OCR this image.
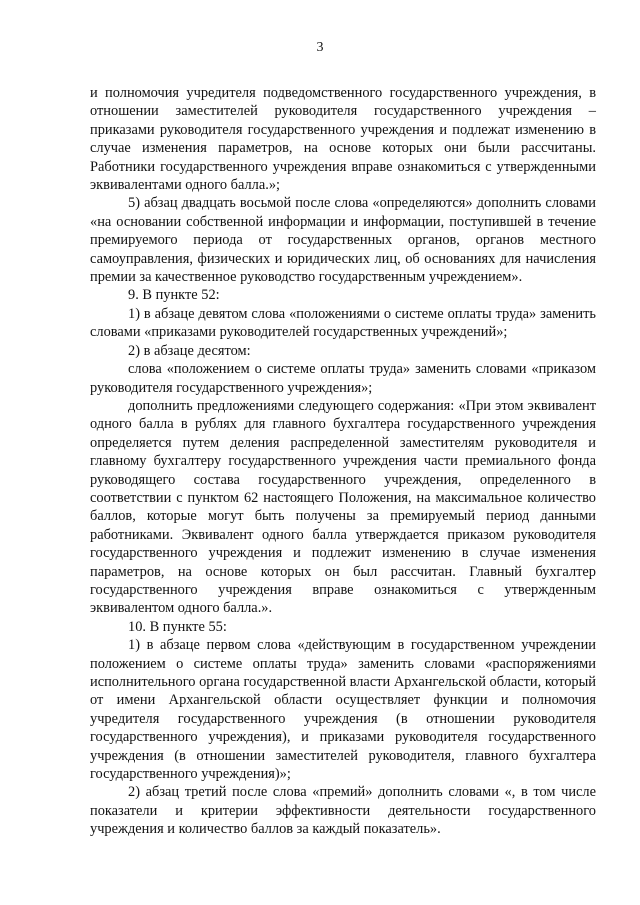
3

и полномочия учредителя подведомственного государственного учреждения, в отношении заместителей руководителя государственного учреждения – приказами руководителя государственного учреждения и подлежат изменению в случае изменения параметров, на основе которых они были рассчитаны. Работники государственного учреждения вправе ознакомиться с утвержденными эквивалентами одного балла.»;

5) абзац двадцать восьмой после слова «определяются» дополнить словами «на основании собственной информации и информации, поступившей в течение премируемого периода от государственных органов, органов местного самоуправления, физических и юридических лиц, об основаниях для начисления премии за качественное руководство государственным учреждением».

9. В пункте 52:

1) в абзаце девятом слова «положениями о системе оплаты труда» заменить словами «приказами руководителей государственных учреждений»;

2) в абзаце десятом:

слова «положением о системе оплаты труда» заменить словами «приказом руководителя государственного учреждения»;

дополнить предложениями следующего содержания: «При этом эквивалент одного балла в рублях для главного бухгалтера государственного учреждения определяется путем деления распределенной заместителям руководителя и главному бухгалтеру государственного учреждения части премиального фонда руководящего состава государственного учреждения, определенного в соответствии с пунктом 62 настоящего Положения, на максимальное количество баллов, которые могут быть получены за премируемый период данными работниками. Эквивалент одного балла утверждается приказом руководителя государственного учреждения и подлежит изменению в случае изменения параметров, на основе которых он был рассчитан. Главный бухгалтер государственного учреждения вправе ознакомиться с утвержденным эквивалентом одного балла.».

10. В пункте 55:

1) в абзаце первом слова «действующим в государственном учреждении положением о системе оплаты труда» заменить словами «распоряжениями исполнительного органа государственной власти Архангельской области, который от имени Архангельской области осуществляет функции и полномочия учредителя государственного учреждения (в отношении руководителя государственного учреждения), и приказами руководителя государственного учреждения (в отношении заместителей руководителя, главного бухгалтера государственного учреждения)»;

2) абзац третий после слова «премий» дополнить словами «, в том числе показатели и критерии эффективности деятельности государственного учреждения и количество баллов за каждый показатель».
